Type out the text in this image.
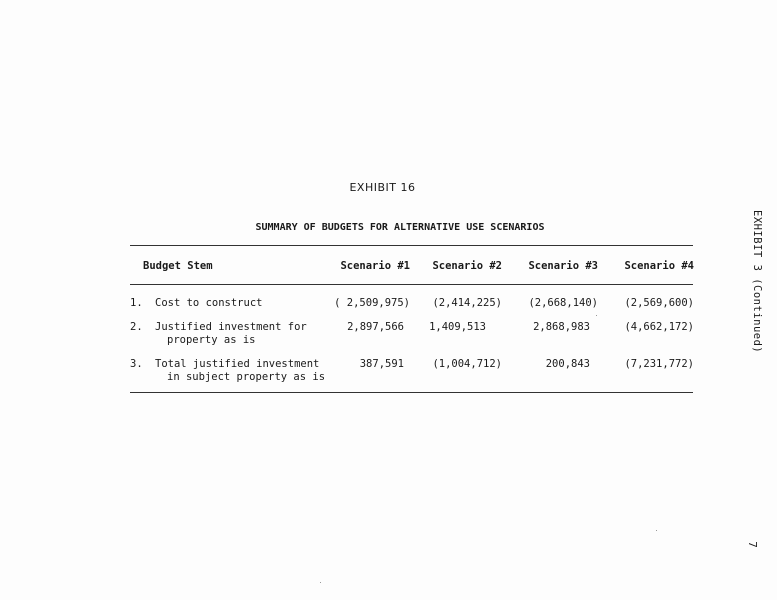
EXHIBIT 16
SUMMARY OF BUDGETS FOR ALTERNATIVE USE SCENARIOS
Budget Stem	Scenario #1	Scenario #2	Scenario #3	Scenario #4
1. Cost to construct	( 2,509,975)	(2,414,225)	(2,668,140)	(2,569,600)
2. Justified investment for
property as is
2,897,566	1,409,513	2,868,983	(4,662,172)
3. Total justified investment
in subject property as is
387,591	(1,004,712)	200,843	(7,231,772)
EXHIBIT 3 (Continued)
7
